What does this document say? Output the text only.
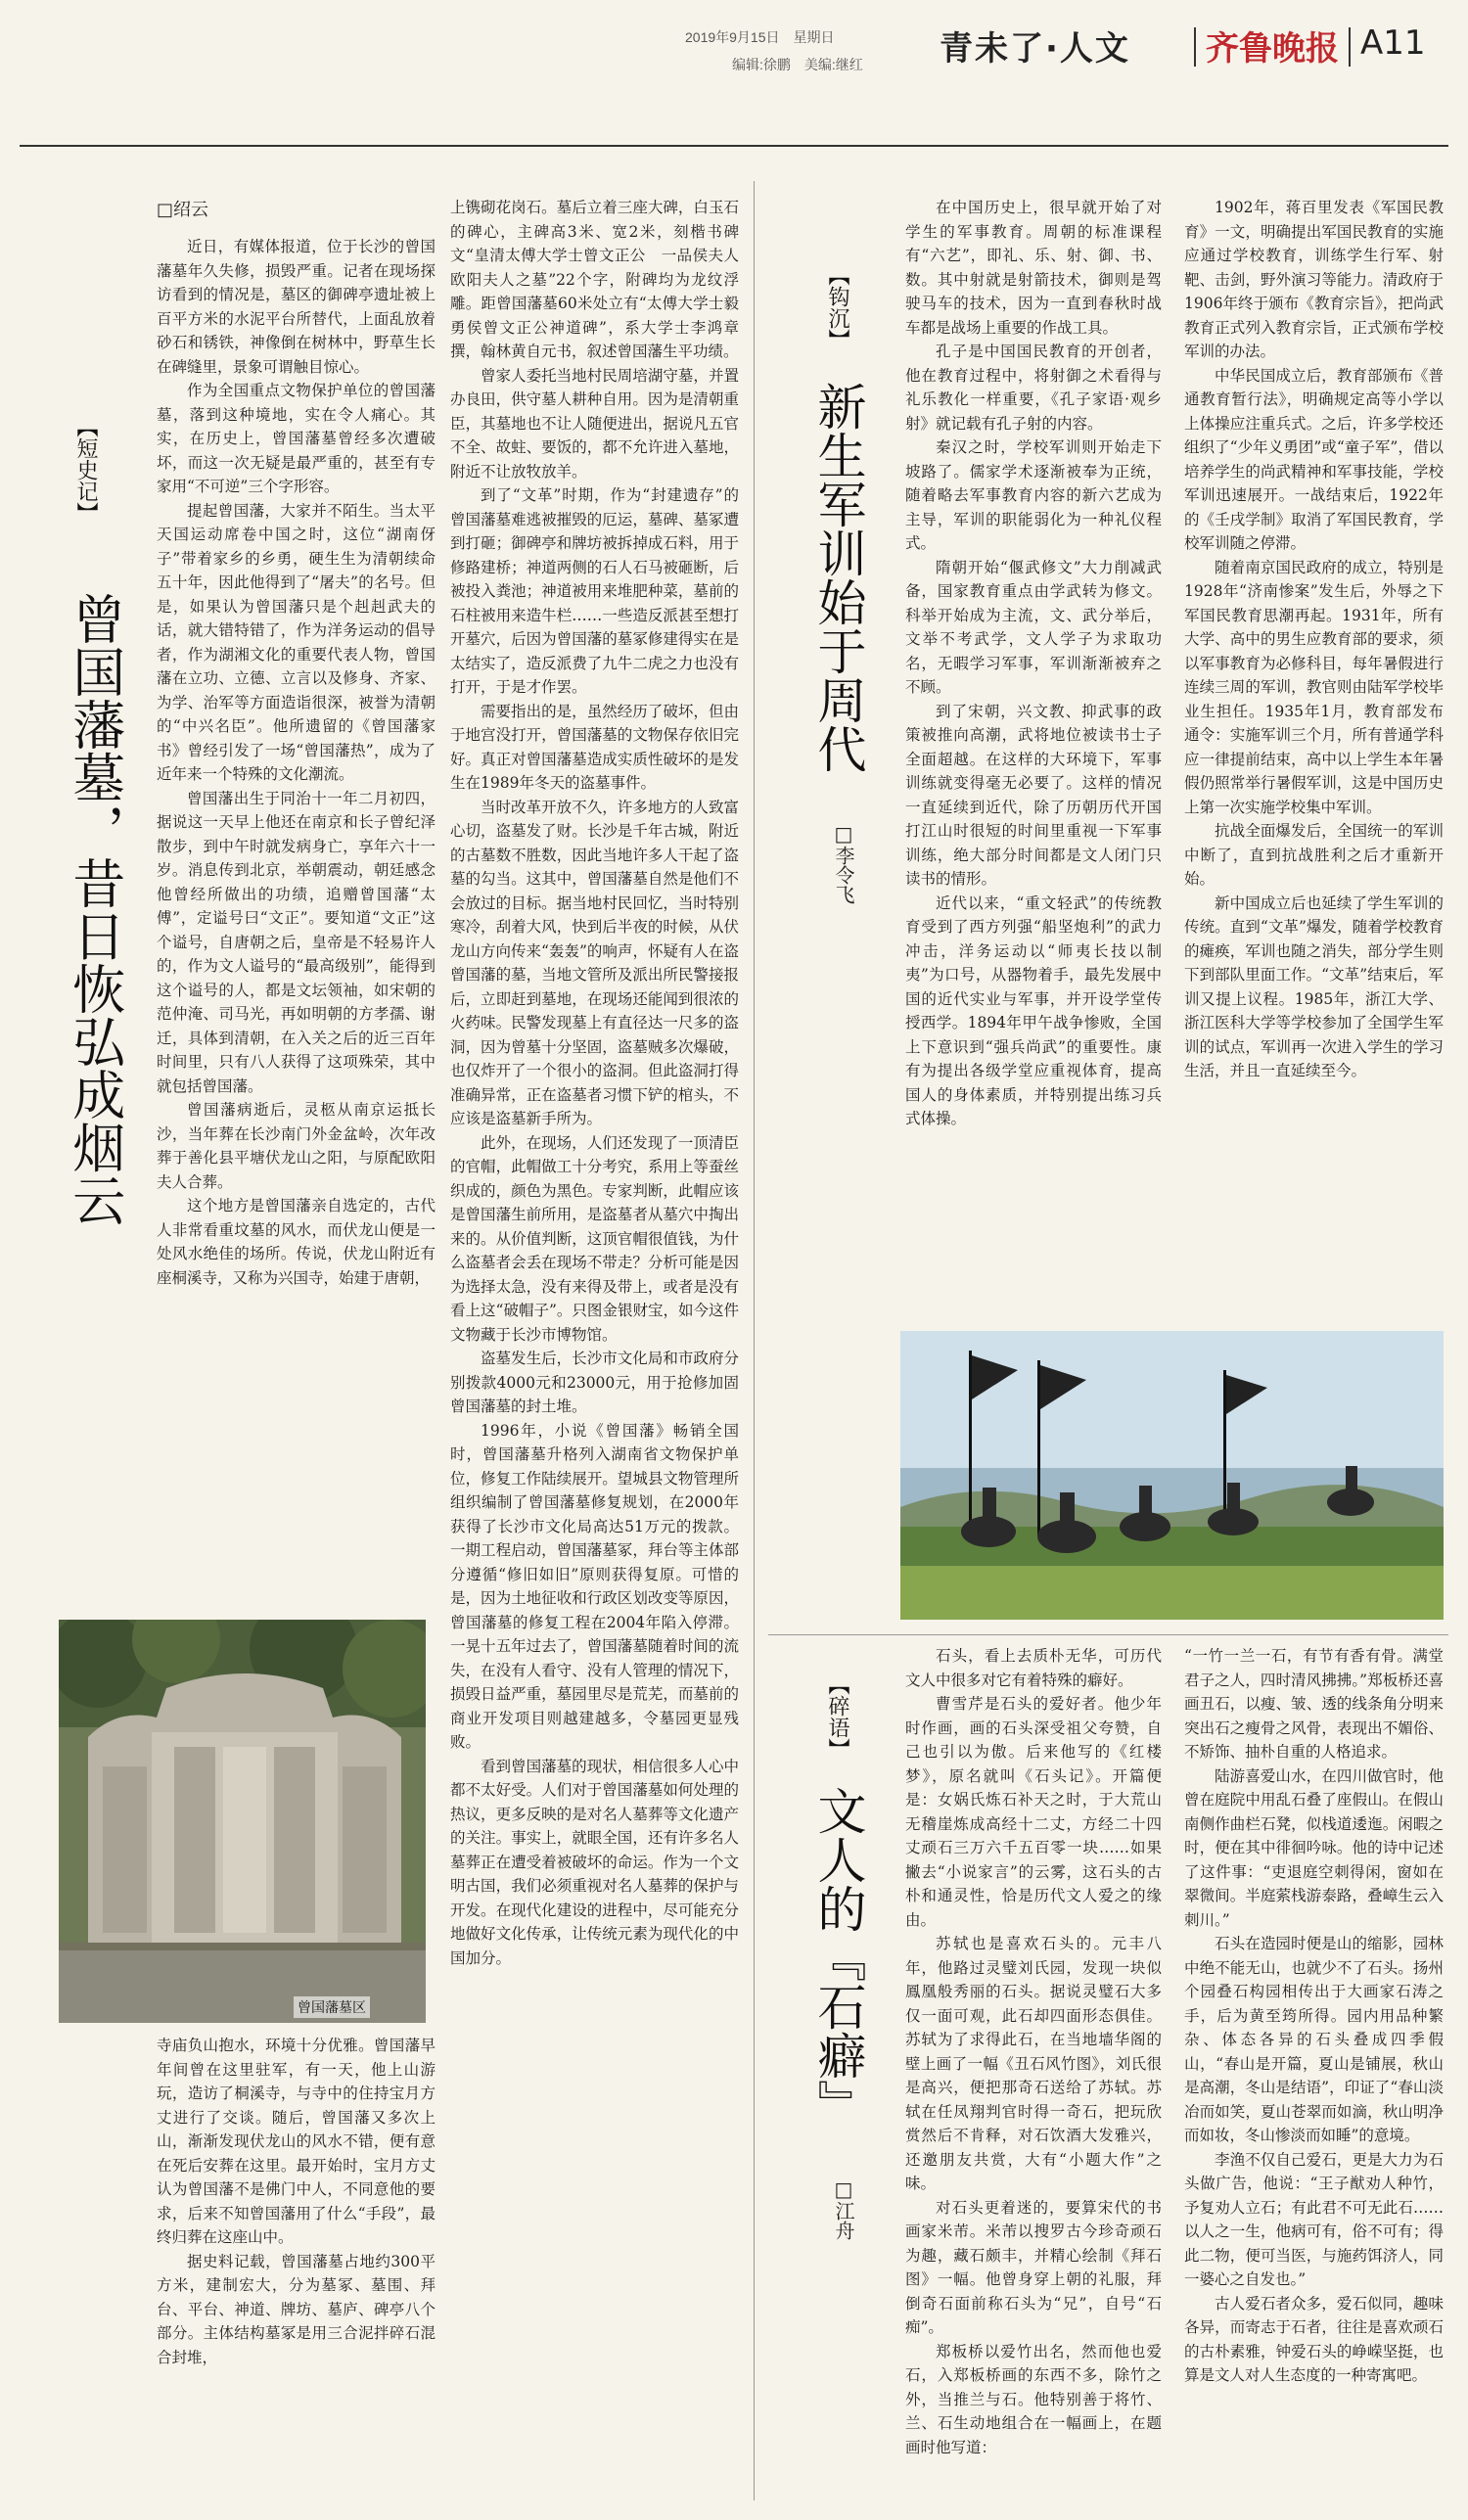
2019年9月15日　星期日
编辑:徐鹏　美编:继红 青未了·人文 齐鲁晚报 A11
【短史记】
曾国藩墓，昔日恢弘成烟云
□绍云

近日，有媒体报道，位于长沙的曾国藩墓年久失修，损毁严重。记者在现场探访看到的情况是，墓区的御碑亭遗址被上百平方米的水泥平台所替代，上面乱放着砂石和锈铁，神像倒在树林中，野草生长在碑缝里，景象可谓触目惊心。

作为全国重点文物保护单位的曾国藩墓，落到这种境地，实在令人痛心。其实，在历史上，曾国藩墓曾经多次遭破坏，而这一次无疑是最严重的，甚至有专家用“不可逆”三个字形容。

提起曾国藩，大家并不陌生。当太平天国运动席卷中国之时，这位“湖南伢子”带着家乡的乡勇，硬生生为清朝续命五十年，因此他得到了“屠夫”的名号。但是，如果认为曾国藩只是个赳赳武夫的话，就大错特错了，作为洋务运动的倡导者，作为湖湘文化的重要代表人物，曾国藩在立功、立德、立言以及修身、齐家、为学、治军等方面造诣很深，被誉为清朝的“中兴名臣”。他所遗留的《曾国藩家书》曾经引发了一场“曾国藩热”，成为了近年来一个特殊的文化潮流。

曾国藩出生于同治十一年二月初四，据说这一天早上他还在南京和长子曾纪泽散步，到中午时就发病身亡，享年六十一岁。消息传到北京，举朝震动，朝廷感念他曾经所做出的功绩，追赠曾国藩“太傅”，定谥号曰“文正”。要知道“文正”这个谥号，自唐朝之后，皇帝是不轻易许人的，作为文人谥号的“最高级别”，能得到这个谥号的人，都是文坛领袖，如宋朝的范仲淹、司马光，再如明朝的方孝孺、谢迁，具体到清朝，在入关之后的近三百年时间里，只有八人获得了这项殊荣，其中就包括曾国藩。

曾国藩病逝后，灵柩从南京运抵长沙，当年葬在长沙南门外金盆岭，次年改葬于善化县平塘伏龙山之阳，与原配欧阳夫人合葬。

这个地方是曾国藩亲自选定的，古代人非常看重坟墓的风水，而伏龙山便是一处风水绝佳的场所。传说，伏龙山附近有座桐溪寺，又称为兴国寺，始建于唐朝，

曾国藩墓区

寺庙负山抱水，环境十分优雅。曾国藩早年间曾在这里驻军，有一天，他上山游玩，造访了桐溪寺，与寺中的住持宝月方丈进行了交谈。随后，曾国藩又多次上山，渐渐发现伏龙山的风水不错，便有意在死后安葬在这里。最开始时，宝月方丈认为曾国藩不是佛门中人，不同意他的要求，后来不知曾国藩用了什么“手段”，最终归葬在这座山中。

据史料记载，曾国藩墓占地约300平方米，建制宏大，分为墓冢、墓围、拜台、平台、神道、牌坊、墓庐、碑亭八个部分。主体结构墓冢是用三合泥拌碎石混合封堆，

上镌砌花岗石。墓后立着三座大碑，白玉石的碑心，主碑高3米、宽2米，刻楷书碑文“皇清太傅大学士曾文正公　一品侯夫人欧阳夫人之墓”22个字，附碑均为龙纹浮雕。距曾国藩墓60米处立有“太傅大学士毅勇侯曾文正公神道碑”，系大学士李鸿章撰，翰林黄自元书，叙述曾国藩生平功绩。

曾家人委托当地村民周培湖守墓，并置办良田，供守墓人耕种自用。因为是清朝重臣，其墓地也不让人随便进出，据说凡五官不全、故蛀、要饭的，都不允许进入墓地，附近不让放牧放羊。

到了“文革”时期，作为“封建遗存”的曾国藩墓难逃被摧毁的厄运，墓碑、墓冢遭到打砸；御碑亭和牌坊被拆掉成石料，用于修路建桥；神道两侧的石人石马被砸断，后被投入粪池；神道被用来堆肥种菜，墓前的石柱被用来造牛栏……一些造反派甚至想打开墓穴，后因为曾国藩的墓冢修建得实在是太结实了，造反派费了九牛二虎之力也没有打开，于是才作罢。

需要指出的是，虽然经历了破坏，但由于地宫没打开，曾国藩墓的文物保存依旧完好。真正对曾国藩墓造成实质性破坏的是发生在1989年冬天的盗墓事件。

当时改革开放不久，许多地方的人致富心切，盗墓发了财。长沙是千年古城，附近的古墓数不胜数，因此当地许多人干起了盗墓的勾当。这其中，曾国藩墓自然是他们不会放过的目标。据当地村民回忆，当时特别寒冷，刮着大风，快到后半夜的时候，从伏龙山方向传来“轰轰”的响声，怀疑有人在盗曾国藩的墓，当地文管所及派出所民警接报后，立即赶到墓地，在现场还能闻到很浓的火药味。民警发现墓上有直径达一尺多的盗洞，因为曾墓十分坚固，盗墓贼多次爆破，也仅炸开了一个很小的盗洞。但此盗洞打得准确异常，正在盗墓者习惯下铲的棺头，不应该是盗墓新手所为。

此外，在现场，人们还发现了一顶清臣的官帽，此帽做工十分考究，系用上等蚕丝织成的，颜色为黑色。专家判断，此帽应该是曾国藩生前所用，是盗墓者从墓穴中掏出来的。从价值判断，这顶官帽很值钱，为什么盗墓者会丢在现场不带走？分析可能是因为选择太急，没有来得及带上，或者是没有看上这“破帽子”。只图金银财宝，如今这件文物藏于长沙市博物馆。

盗墓发生后，长沙市文化局和市政府分别拨款4000元和23000元，用于抢修加固曾国藩墓的封土堆。

1996年，小说《曾国藩》畅销全国时，曾国藩墓升格列入湖南省文物保护单位，修复工作陆续展开。望城县文物管理所组织编制了曾国藩墓修复规划，在2000年获得了长沙市文化局高达51万元的拨款。一期工程启动，曾国藩墓冢，拜台等主体部分遵循“修旧如旧”原则获得复原。可惜的是，因为土地征收和行政区划改变等原因，曾国藩墓的修复工程在2004年陷入停滞。一晃十五年过去了，曾国藩墓随着时间的流失，在没有人看守、没有人管理的情况下，损毁日益严重，墓园里尽是荒芜，而墓前的商业开发项目则越建越多，令墓园更显残败。

看到曾国藩墓的现状，相信很多人心中都不太好受。人们对于曾国藩墓如何处理的热议，更多反映的是对名人墓葬等文化遗产的关注。事实上，就眼全国，还有许多名人墓葬正在遭受着被破坏的命运。作为一个文明古国，我们必须重视对名人墓葬的保护与开发。在现代化建设的进程中，尽可能充分地做好文化传承，让传统元素为现代化的中国加分。

【钩沉】
新生军训始于周代
□李令飞

在中国历史上，很早就开始了对学生的军事教育。周朝的标准课程有“六艺”，即礼、乐、射、御、书、数。其中射就是射箭技术，御则是驾驶马车的技术，因为一直到春秋时战车都是战场上重要的作战工具。

孔子是中国国民教育的开创者，他在教育过程中，将射御之术看得与礼乐教化一样重要，《孔子家语·观乡射》就记载有孔子射的内容。

秦汉之时，学校军训则开始走下坡路了。儒家学术逐渐被奉为正统，随着略去军事教育内容的新六艺成为主导，军训的职能弱化为一种礼仪程式。

隋朝开始“偃武修文”大力削减武备，国家教育重点由学武转为修文。科举开始成为主流，文、武分举后，文举不考武学，文人学子为求取功名，无暇学习军事，军训渐渐被弃之不顾。

到了宋朝，兴文教、抑武事的政策被推向高潮，武将地位被读书士子全面超越。在这样的大环境下，军事训练就变得毫无必要了。这样的情况一直延续到近代，除了历朝历代开国打江山时很短的时间里重视一下军事训练，绝大部分时间都是文人闭门只读书的情形。

近代以来，“重文轻武”的传统教育受到了西方列强“船坚炮利”的武力冲击，洋务运动以“师夷长技以制夷”为口号，从器物着手，最先发展中国的近代实业与军事，并开设学堂传授西学。1894年甲午战争惨败，全国上下意识到“强兵尚武”的重要性。康有为提出各级学堂应重视体育，提高国人的身体素质，并特别提出练习兵式体操。

1902年，蒋百里发表《军国民教育》一文，明确提出军国民教育的实施应通过学校教育，训练学生行军、射靶、击剑，野外演习等能力。清政府于1906年终于颁布《教育宗旨》，把尚武教育正式列入教育宗旨，正式颁布学校军训的办法。

中华民国成立后，教育部颁布《普通教育暂行法》，明确规定高等小学以上体操应注重兵式。之后，许多学校还组织了“少年义勇团”或“童子军”，借以培养学生的尚武精神和军事技能，学校军训迅速展开。一战结束后，1922年的《壬戌学制》取消了军国民教育，学校军训随之停滞。

随着南京国民政府的成立，特别是1928年“济南惨案”发生后，外辱之下军国民教育思潮再起。1931年，所有大学、高中的男生应教育部的要求，须以军事教育为必修科目，每年暑假进行连续三周的军训，教官则由陆军学校毕业生担任。1935年1月，教育部发布通令：实施军训三个月，所有普通学科应一律提前结束，高中以上学生本年暑假仍照常举行暑假军训，这是中国历史上第一次实施学校集中军训。

抗战全面爆发后，全国统一的军训中断了，直到抗战胜利之后才重新开始。

新中国成立后也延续了学生军训的传统。直到“文革”爆发，随着学校教育的瘫痪，军训也随之消失，部分学生则下到部队里面工作。“文革”结束后，军训又提上议程。1985年，浙江大学、浙江医科大学等学校参加了全国学生军训的试点，军训再一次进入学生的学习生活，并且一直延续至今。

【碎语】
文人的『石癖』
□江舟

石头，看上去质朴无华，可历代文人中很多对它有着特殊的癖好。

曹雪芹是石头的爱好者。他少年时作画，画的石头深受祖父夸赞，自己也引以为傲。后来他写的《红楼梦》，原名就叫《石头记》。开篇便是：女娲氏炼石补天之时，于大荒山无稽崖炼成高经十二丈，方经二十四丈顽石三万六千五百零一块……如果撇去“小说家言”的云雾，这石头的古朴和通灵性，恰是历代文人爱之的缘由。

苏轼也是喜欢石头的。元丰八年，他路过灵璧刘氏园，发现一块似鳳凰般秀丽的石头。据说灵璧石大多仅一面可观，此石却四面形态俱佳。苏轼为了求得此石，在当地墙华阁的壁上画了一幅《丑石风竹图》，刘氏很是高兴，便把那奇石送给了苏轼。苏轼在任凤翔判官时得一奇石，把玩欣赏然后不肯释，对石饮酒大发雅兴，还邀朋友共赏，大有“小题大作”之味。

对石头更着迷的，要算宋代的书画家米芾。米芾以搜罗古今珍奇顽石为趣，藏石颇丰，并精心绘制《拜石图》一幅。他曾身穿上朝的礼服，拜倒奇石面前称石头为“兄”，自号“石痴”。

郑板桥以爱竹出名，然而他也爱石，入郑板桥画的东西不多，除竹之外，当推兰与石。他特别善于将竹、兰、石生动地组合在一幅画上，在题画时他写道：

“一竹一兰一石，有节有香有骨。满堂君子之人，四时清风拂拂。”郑板桥还喜画丑石，以瘦、皱、透的线条角分明来突出石之瘦骨之风骨，表现出不媚俗、不矫饰、抽朴自重的人格追求。

陆游喜爱山水，在四川做官时，他曾在庭院中用乱石叠了座假山。在假山南侧作曲栏石凳，似栈道逶迤。闲暇之时，便在其中徘徊吟咏。他的诗中记述了这件事：“吏退庭空刺得闲，窗如在翠微间。半庭萦栈游泰路，叠嶂生云入刺川。”

石头在造园时便是山的缩影，园林中绝不能无山，也就少不了石头。扬州个园叠石构园相传出于大画家石涛之手，后为黄至筠所得。园内用品种繁杂、体态各异的石头叠成四季假山，“春山是开篇，夏山是铺展，秋山是高潮，冬山是结语”，印证了“春山淡冶而如笑，夏山苍翠而如滴，秋山明净而如妆，冬山惨淡而如睡”的意境。

李渔不仅自己爱石，更是大力为石头做广告，他说：“王子猷劝人种竹，予复劝人立石；有此君不可无此石……以人之一生，他病可有，俗不可有；得此二物，便可当医，与施药饵济人，同一婆心之自发也。”

古人爱石者众多，爱石似同，趣味各异，而寄志于石者，往往是喜欢顽石的古朴素雅，钟爱石头的峥嵘坚挺，也算是文人对人生态度的一种寄寓吧。
